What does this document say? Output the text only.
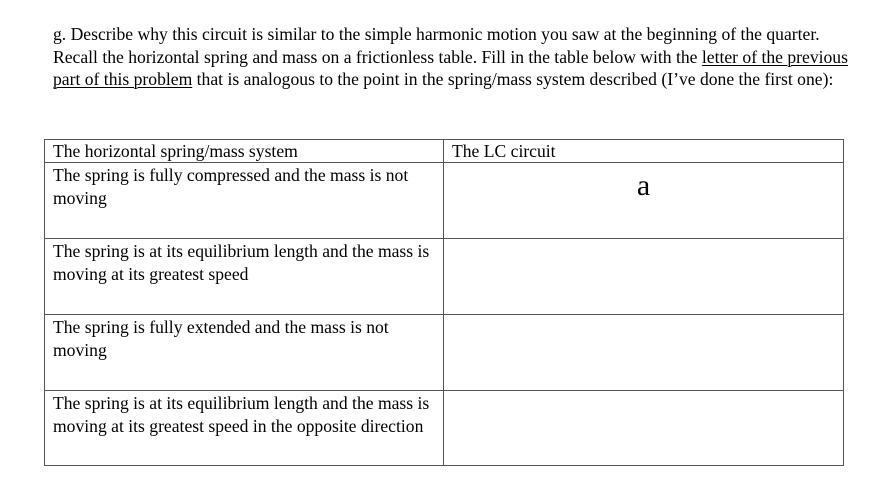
g. Describe why this circuit is similar to the simple harmonic motion you saw at the beginning of the quarter. Recall the horizontal spring and mass on a frictionless table. Fill in the table below with the letter of the previous part of this problem that is analogous to the point in the spring/mass system described (I’ve done the first one):

The horizontal spring/mass system	The LC circuit
The spring is fully compressed and the mass is not moving	a
The spring is at its equilibrium length and the mass is moving at its greatest speed	
The spring is fully extended and the mass is not moving	
The spring is at its equilibrium length and the mass is moving at its greatest speed in the opposite direction	
